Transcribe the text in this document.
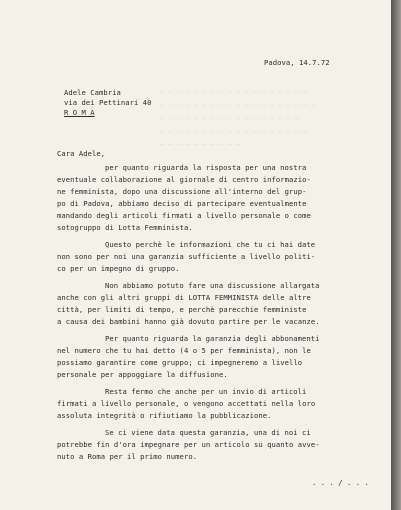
​— — — — — — — — — — — — — — — — — —
​— — — — — — — — — — — — — — — — — — —
​— — — — — — — — — — — — — — — — —
​— — — — — — — — — — — — — — — — — —
​— — — — — — — — — —
Padova, 14.7.72
Adele Cambria
via dei Pettinari 40
R O M A
Cara Adele,
per quanto riguarda la risposta per una nostra
eventuale collaborazione al giornale di centro informazio-
ne femminista, dopo una discussione all'interno del grup-
po di Padova, abbiamo deciso di partecipare eventualmente
mandando degli articoli firmati a livello personale o come
sotogruppo di Lotta Femminista.
Questo perchè le informazioni che tu ci hai date
non sono per noi una garanzia sufficiente a livello politi-
co per un impegno di gruppo.
Non abbiamo potuto fare una discussione allargata
anche con gli altri gruppi di LOTTA FEMMINISTA delle altre
città, per limiti di tempo, e perchè parecchie femministe
a causa dei bambini hanno già dovuto partire per le vacanze.
Per quanto riguarda la garanzia degli abbonamenti
nel numero che tu hai detto (4 o 5 per femminista), non le
possiamo garantire come gruppo; ci impegneremo a livello
personale per appoggiare la diffusione.
Resta fermo che anche per un invio di articoli
firmati a livello personale, o vengono accettati nella loro
assoluta integrità o rifiutiamo la pubblicazione.
Se ci viene data questa garanzia, una di noi ci
potrebbe fin d'ora impegnare per un articolo su quanto avve-
nuto a Roma per il primo numero.
. . . / . . .
